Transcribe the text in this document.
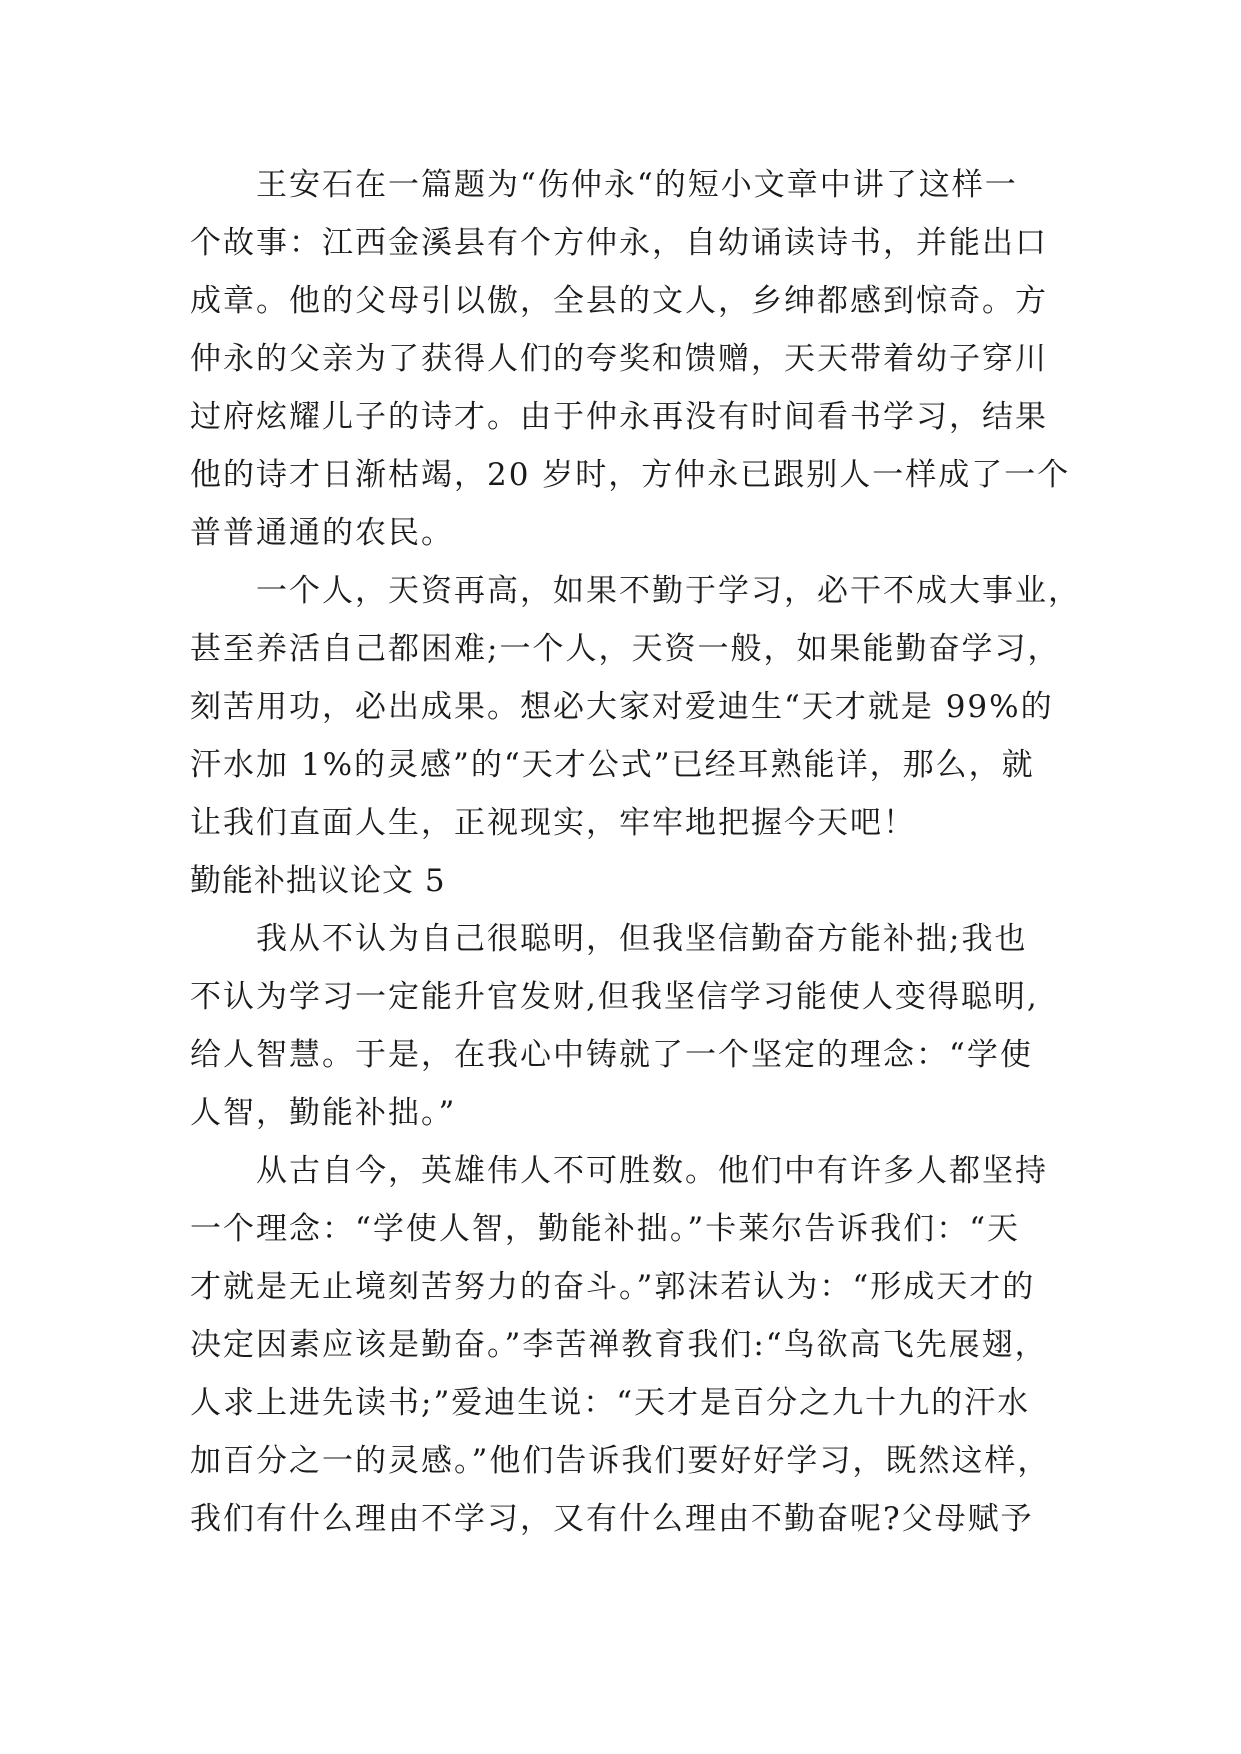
王安石在一篇题为“伤仲永“的短小文章中讲了这样一
个故事：江西金溪县有个方仲永，自幼诵读诗书，并能出口
成章。他的父母引以傲，全县的文人，乡绅都感到惊奇。方
仲永的父亲为了获得人们的夸奖和馈赠，天天带着幼子穿川
过府炫耀儿子的诗才。由于仲永再没有时间看书学习，结果
他的诗才日渐枯竭，20 岁时，方仲永已跟别人一样成了一个
普普通通的农民。
一个人，天资再高，如果不勤于学习，必干不成大事业，
甚至养活自己都困难;一个人，天资一般，如果能勤奋学习，
刻苦用功，必出成果。想必大家对爱迪生“天才就是 99%的
汗水加 1%的灵感”的“天才公式”已经耳熟能详，那么，就
让我们直面人生，正视现实，牢牢地把握今天吧！
勤能补拙议论文 5
我从不认为自己很聪明，但我坚信勤奋方能补拙;我也
不认为学习一定能升官发财,但我坚信学习能使人变得聪明,
给人智慧。于是，在我心中铸就了一个坚定的理念：“学使
人智，勤能补拙。”
从古自今，英雄伟人不可胜数。他们中有许多人都坚持
一个理念：“学使人智，勤能补拙。”卡莱尔告诉我们：“天
才就是无止境刻苦努力的奋斗。”郭沫若认为：“形成天才的
决定因素应该是勤奋。”李苦禅教育我们:“鸟欲高飞先展翅，
人求上进先读书;”爱迪生说：“天才是百分之九十九的汗水
加百分之一的灵感。”他们告诉我们要好好学习，既然这样，
我们有什么理由不学习，又有什么理由不勤奋呢?父母赋予
